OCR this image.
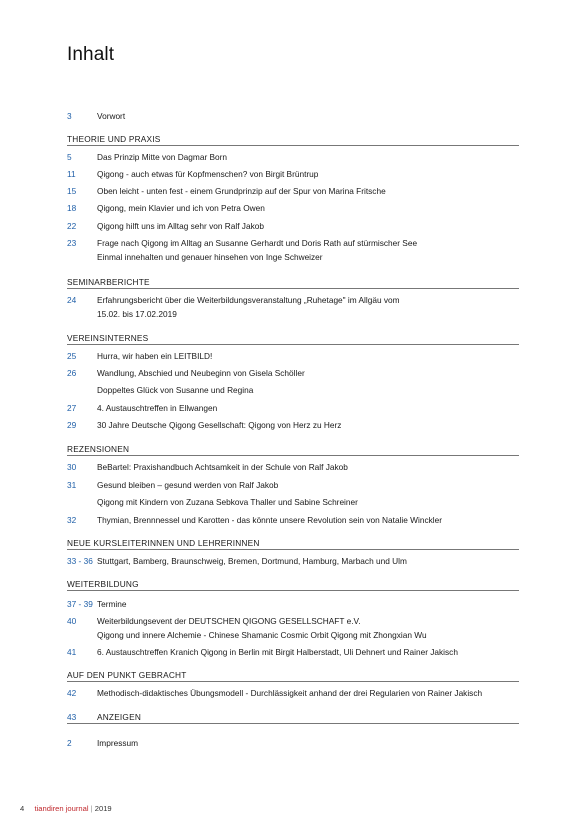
Inhalt
3	Vorwort
THEORIE UND PRAXIS
5	Das Prinzip Mitte von Dagmar Born
11	Qigong - auch etwas für Kopfmenschen? von Birgit Brüntrup
15	Oben leicht - unten fest - einem Grundprinzip auf der Spur von Marina Fritsche
18	Qigong, mein Klavier und ich von Petra Owen
22	Qigong hilft uns im Alltag sehr von Ralf Jakob
23	Frage nach Qigong im Alltag an Susanne Gerhardt und Doris Rath auf stürmischer See
Einmal innehalten und genauer hinsehen von Inge Schweizer
SEMINARBERICHTE
24	Erfahrungsbericht über die Weiterbildungsveranstaltung „Ruhetage" im Allgäu vom
15.02. bis 17.02.2019
VEREINSINTERNES
25	Hurra, wir haben ein LEITBILD!
26	Wandlung, Abschied und Neubeginn von Gisela Schöller
Doppeltes Glück von Susanne und Regina
27	4. Austauschtreffen in Ellwangen
29	30 Jahre Deutsche Qigong Gesellschaft: Qigong von Herz zu Herz
REZENSIONEN
30	BeBartel: Praxishandbuch Achtsamkeit in der Schule von Ralf Jakob
31	Gesund bleiben – gesund werden von Ralf Jakob
Qigong mit Kindern von Zuzana Sebkova Thaller und Sabine Schreiner
32	Thymian, Brennnessel und Karotten - das könnte unsere Revolution sein von Natalie Winckler
NEUE KURSLEITERINNEN UND LEHRERINNEN
33 - 36 Stuttgart, Bamberg, Braunschweig, Bremen, Dortmund, Hamburg, Marbach und Ulm
WEITERBILDUNG
37 - 39 Termine
40	Weiterbildungsevent der DEUTSCHEN QIGONG GESELLSCHAFT e.V.
Qigong und innere Alchemie - Chinese Shamanic Cosmic Orbit Qigong mit Zhongxian Wu
41	6. Austauschtreffen Kranich Qigong in Berlin mit Birgit Halberstadt, Uli Dehnert und Rainer Jakisch
AUF DEN PUNKT GEBRACHT
42	Methodisch-didaktisches Übungsmodell - Durchlässigkeit anhand der drei Regularien von Rainer Jakisch
43	ANZEIGEN
2	Impressum
4 tiandiren journal | 2019
